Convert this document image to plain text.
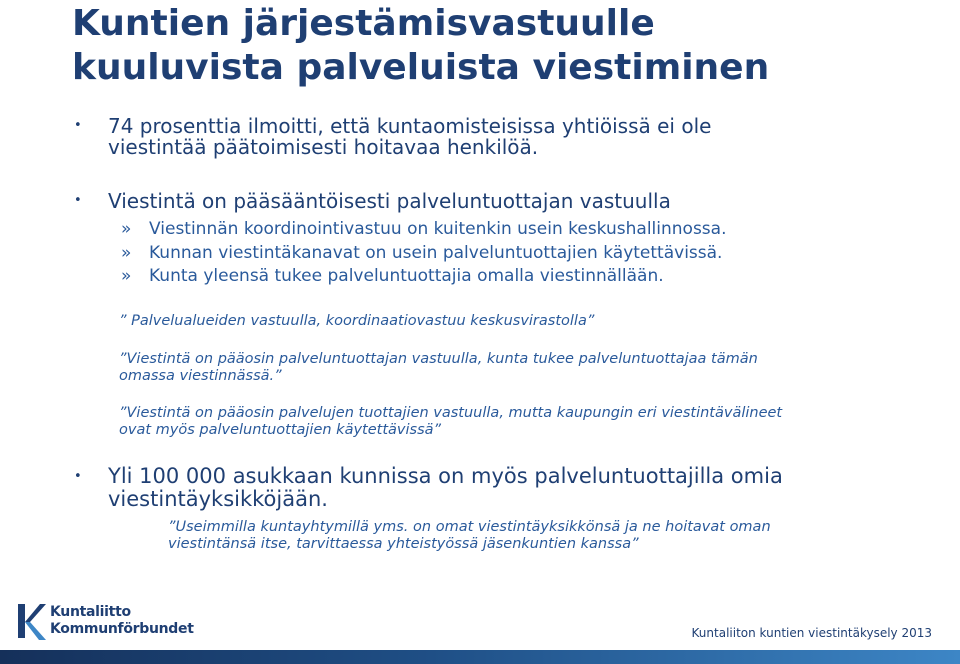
Kuntien järjestämisvastuulle
kuuluvista palveluista viestiminen
• 74 prosenttia ilmoitti, että kuntaomisteisissa yhtiöissä ei ole
viestintää päätoimisesti hoitavaa henkilöä.
• Viestintä on pääsääntöisesti palveluntuottajan vastuulla
» Viestinnän koordinointivastuu on kuitenkin usein keskushallinnossa.
» Kunnan viestintäkanavat on usein palveluntuottajien käytettävissä.
» Kunta yleensä tukee palveluntuottajia omalla viestinnällään.
” Palvelualueiden vastuulla, koordinaatiovastuu keskusvirastolla”
”Viestintä on pääosin palveluntuottajan vastuulla, kunta tukee palveluntuottajaa tämän
omassa viestinnässä.”
”Viestintä on pääosin palvelujen tuottajien vastuulla, mutta kaupungin eri viestintävälineet
ovat myös palveluntuottajien käytettävissä”
• Yli 100 000 asukkaan kunnissa on myös palveluntuottajilla omia
viestintäyksikköjään.
”Useimmilla kuntayhtymillä yms. on omat viestintäyksikkönsä ja ne hoitavat oman
viestintänsä itse, tarvittaessa yhteistyössä jäsenkuntien kanssa”
Kuntaliitto
Kommunförbundet	Kuntaliiton kuntien viestintäkysely 2013
